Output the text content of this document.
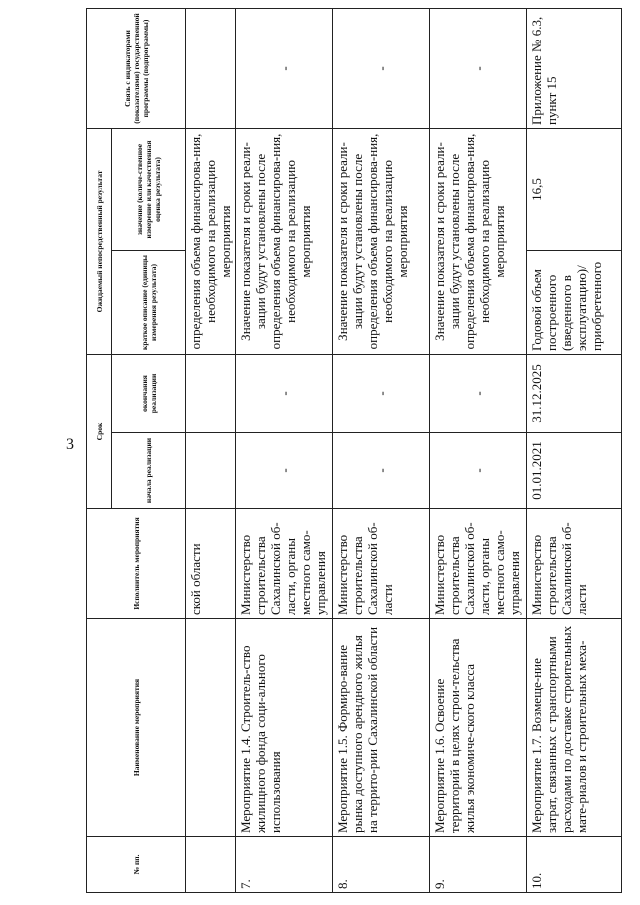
3
№ пп.	Наименование мероприятия	Исполнитель мероприятия	Срок		Ожидаемый непосредственный результат		Связь с индикаторами (показателями) государственной программы (подпрограммы)
			начала реализации	окончания реализации	краткое описание (единицы измерения результата)	значение (количе-ственное измерение или качественная оценка результата)	
		ской области			определения объема финансирова-ния, необходимого на реализацию мероприятия		
7.	Мероприятие 1.4. Строитель-ство жилищного фонда соци-ального использования	Министерство строительства Сахалинской об-ласти, органы местного само-управления	-	-	Значение показателя и сроки реали-зации будут установлены после определения объема финансирова-ния, необходимого на реализацию мероприятия		-
8.	Мероприятие 1.5. Формиро-вание рынка доступного арендного жилья на террито-рии Сахалинской области	Министерство строительства Сахалинской об-ласти	-	-	Значение показателя и сроки реали-зации будут установлены после определения объема финансирова-ния, необходимого на реализацию мероприятия		-
9.	Мероприятие 1.6. Освоение территорий в целях строи-тельства жилья экономиче-ского класса	Министерство строительства Сахалинской об-ласти, органы местного само-управления	-	-	Значение показателя и сроки реали-зации будут установлены после определения объема финансирова-ния, необходимого на реализацию мероприятия		-
10.	Мероприятие 1.7. Возмеще-ние затрат, связанных с транспортными расходами по доставке строительных мате-риалов и строительных меха-	Министерство строительства Сахалинской об-ласти	01.01.2021	31.12.2025	Годовой объем построенного (введенного в эксплуатацию)/ приобретенного	16,5	Приложение № 6.3, пункт 15
